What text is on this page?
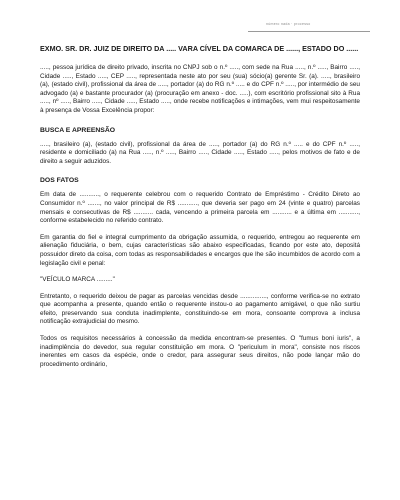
número nada · processo

EXMO. SR. DR. JUIZ DE DIREITO DA ..... VARA CÍVEL DA COMARCA DE ......, ESTADO DO ......

....., pessoa jurídica de direito privado, inscrita no CNPJ sob o n.º ....., com sede na Rua ....., n.º ....., Bairro ....., Cidade ....., Estado ....., CEP ....., representada neste ato por seu (sua) sócio(a) gerente Sr. (a). ....., brasileiro (a), (estado civil), profissional da área de ....., portador (a) do RG n.º ..... e do CPF n.º ....., por intermédio de seu advogado (a) e bastante procurador (a) (procuração em anexo - doc. .....), com escritório profissional sito à Rua ....., nº ....., Bairro ....., Cidade ....., Estado ....., onde recebe notificações e intimações, vem mui respeitosamente à presença de Vossa Excelência propor:

BUSCA E APREENSÃO

....., brasileiro (a), (estado civil), profissional da área de ....., portador (a) do RG n.º ..... e do CPF n.º ....., residente e domiciliado (a) na Rua ....., n.º ....., Bairro ....., Cidade ....., Estado ....., pelos motivos de fato e de direito a seguir aduzidos.

DOS FATOS

Em data de ..........., o requerente celebrou com o requerido Contrato de Empréstimo - Crédito Direto ao Consumidor n.º ......., no valor principal de R$ ..........., que deveria ser pago em 24 (vinte e quatro) parcelas mensais e consecutivas de R$ ........... cada, vencendo a primeira parcela em ........... e a última em ..........., conforme estabelecido no referido contrato.

Em garantia do fiel e integral cumprimento da obrigação assumida, o requerido, entregou ao requerente em alienação fiduciária, o bem, cujas características são abaixo especificadas, ficando por este ato, depositá possuidor direto da coisa, com todas as responsabilidades e encargos que lhe são incumbidos de acordo com a legislação civil e penal:

"VEÍCULO MARCA ........."

Entretanto, o requerido deixou de pagar as parcelas vencidas desde ..............., conforme verifica-se no extrato que acompanha a presente, quando então o requerente instou-o ao pagamento amigável, o que não surtiu efeito, preservando sua conduta inadimplente, constituindo-se em mora, consoante comprova a inclusa notificação extrajudicial do mesmo.

Todos os requisitos necessários à concessão da medida encontram-se presentes. O "fumus boni iuris", a inadimplência do devedor, sua regular constituição em mora. O "periculum in mora", consiste nos riscos inerentes em casos da espécie, onde o credor, para assegurar seus direitos, não pode lançar mão do procedimento ordinário,
